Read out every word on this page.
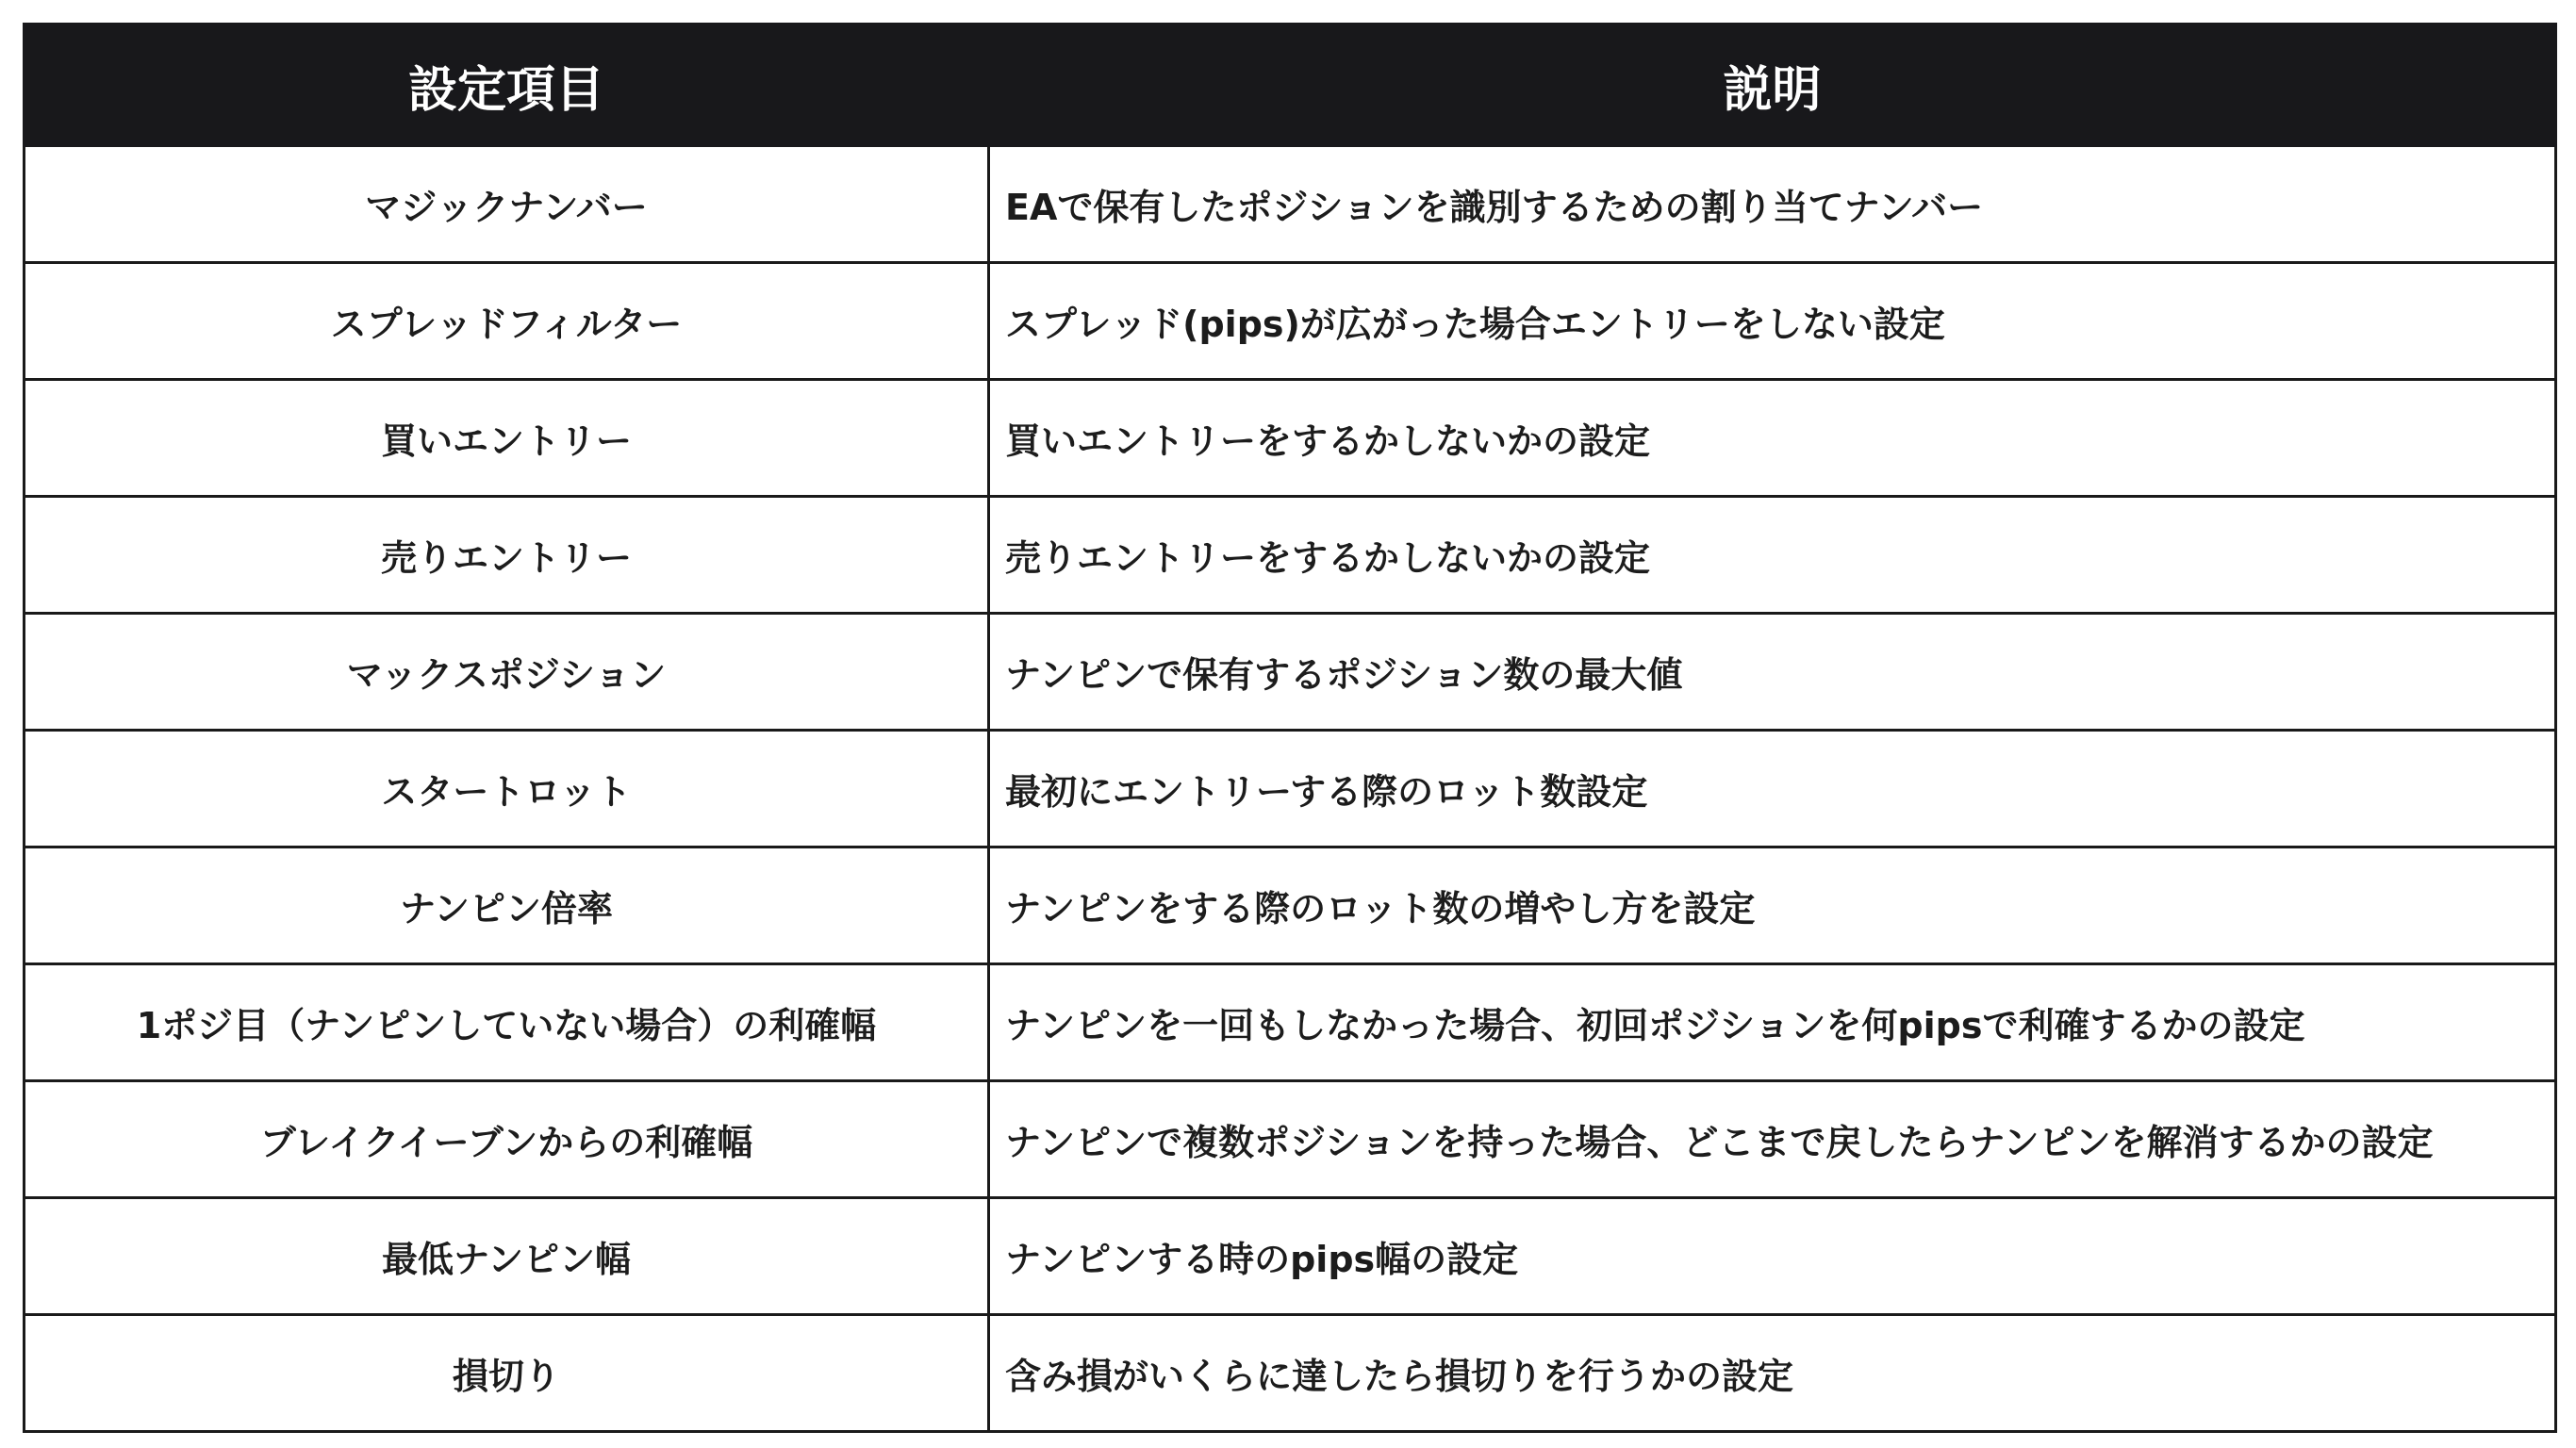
設定項目	説明
マジックナンバー	EAで保有したポジションを識別するための割り当てナンバー
スプレッドフィルター	スプレッド(pips)が広がった場合エントリーをしない設定
買いエントリー	買いエントリーをするかしないかの設定
売りエントリー	売りエントリーをするかしないかの設定
マックスポジション	ナンピンで保有するポジション数の最大値
スタートロット	最初にエントリーする際のロット数設定
ナンピン倍率	ナンピンをする際のロット数の増やし方を設定
1ポジ目（ナンピンしていない場合）の利確幅	ナンピンを一回もしなかった場合、初回ポジションを何pipsで利確するかの設定
ブレイクイーブンからの利確幅	ナンピンで複数ポジションを持った場合、どこまで戻したらナンピンを解消するかの設定
最低ナンピン幅	ナンピンする時のpips幅の設定
損切り	含み損がいくらに達したら損切りを行うかの設定
